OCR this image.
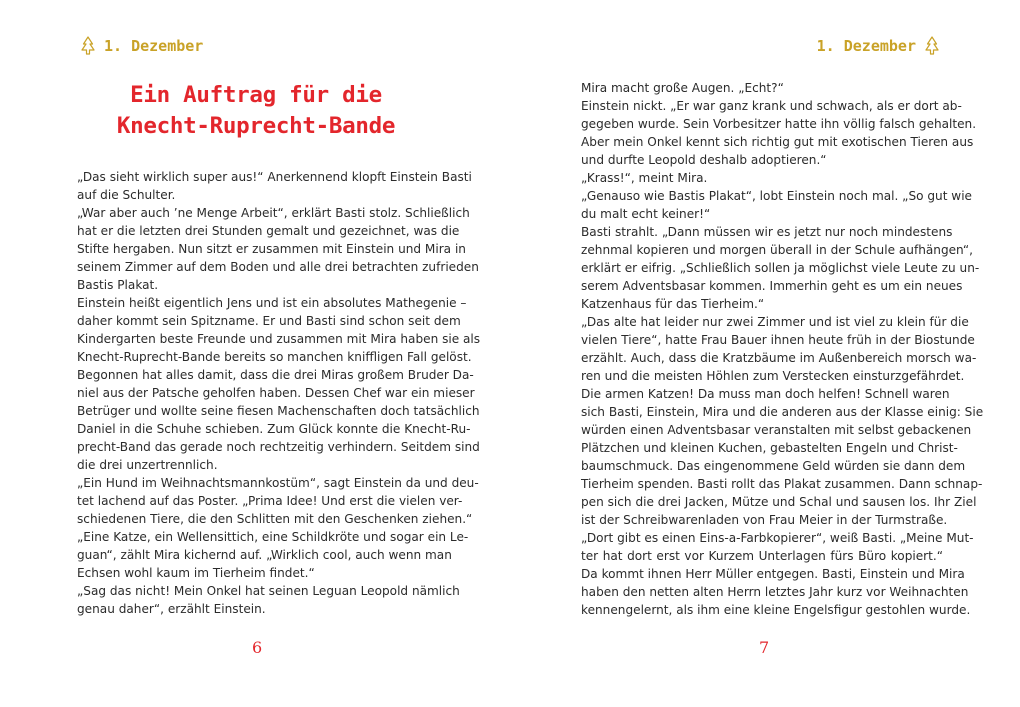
1. Dezember
Ein Auftrag für die
Knecht-Ruprecht-Bande
„Das sieht wirklich super aus!“ Anerkennend klopft Einstein Basti
auf die Schulter.
„War aber auch ’ne Menge Arbeit“, erklärt Basti stolz. Schließlich
hat er die letzten drei Stunden gemalt und gezeichnet, was die
Stifte hergaben. Nun sitzt er zusammen mit Einstein und Mira in
seinem Zimmer auf dem Boden und alle drei betrachten zufrieden
Bastis Plakat.
Einstein heißt eigentlich Jens und ist ein absolutes Mathegenie –
daher kommt sein Spitzname. Er und Basti sind schon seit dem
Kindergarten beste Freunde und zusammen mit Mira haben sie als
Knecht-Ruprecht-Bande bereits so manchen kniffligen Fall gelöst.
Begonnen hat alles damit, dass die drei Miras großem Bruder Da-
niel aus der Patsche geholfen haben. Dessen Chef war ein mieser
Betrüger und wollte seine fiesen Machenschaften doch tatsächlich
Daniel in die Schuhe schieben. Zum Glück konnte die Knecht-Ru-
precht-Band das gerade noch rechtzeitig verhindern. Seitdem sind
die drei unzertrennlich.
„Ein Hund im Weihnachtsmannkostüm“, sagt Einstein da und deu-
tet lachend auf das Poster. „Prima Idee! Und erst die vielen ver-
schiedenen Tiere, die den Schlitten mit den Geschenken ziehen.“
„Eine Katze, ein Wellensittich, eine Schildkröte und sogar ein Le-
guan“, zählt Mira kichernd auf. „Wirklich cool, auch wenn man
Echsen wohl kaum im Tierheim findet.“
„Sag das nicht! Mein Onkel hat seinen Leguan Leopold nämlich
genau daher“, erzählt Einstein.
6
1. Dezember
Mira macht große Augen. „Echt?“
Einstein nickt. „Er war ganz krank und schwach, als er dort ab-
gegeben wurde. Sein Vorbesitzer hatte ihn völlig falsch gehalten.
Aber mein Onkel kennt sich richtig gut mit exotischen Tieren aus
und durfte Leopold deshalb adoptieren.“
„Krass!“, meint Mira.
„Genauso wie Bastis Plakat“, lobt Einstein noch mal. „So gut wie
du malt echt keiner!“
Basti strahlt. „Dann müssen wir es jetzt nur noch mindestens
zehnmal kopieren und morgen überall in der Schule aufhängen“,
erklärt er eifrig. „Schließlich sollen ja möglichst viele Leute zu un-
serem Adventsbasar kommen. Immerhin geht es um ein neues
Katzenhaus für das Tierheim.“
„Das alte hat leider nur zwei Zimmer und ist viel zu klein für die
vielen Tiere“, hatte Frau Bauer ihnen heute früh in der Biostunde
erzählt. Auch, dass die Kratzbäume im Außenbereich morsch wa-
ren und die meisten Höhlen zum Verstecken einsturzgefährdet.
Die armen Katzen! Da muss man doch helfen! Schnell waren
sich Basti, Einstein, Mira und die anderen aus der Klasse einig: Sie
würden einen Adventsbasar veranstalten mit selbst gebackenen
Plätzchen und kleinen Kuchen, gebastelten Engeln und Christ-
baumschmuck. Das eingenommene Geld würden sie dann dem
Tierheim spenden. Basti rollt das Plakat zusammen. Dann schnap-
pen sich die drei Jacken, Mütze und Schal und sausen los. Ihr Ziel
ist der Schreibwarenladen von Frau Meier in der Turmstraße.
„Dort gibt es einen Eins-a-Farbkopierer“, weiß Basti. „Meine Mut-
ter hat dort erst vor Kurzem Unterlagen fürs Büro kopiert.“
Da kommt ihnen Herr Müller entgegen. Basti, Einstein und Mira
haben den netten alten Herrn letztes Jahr kurz vor Weihnachten
kennengelernt, als ihm eine kleine Engelsfigur gestohlen wurde.
7
